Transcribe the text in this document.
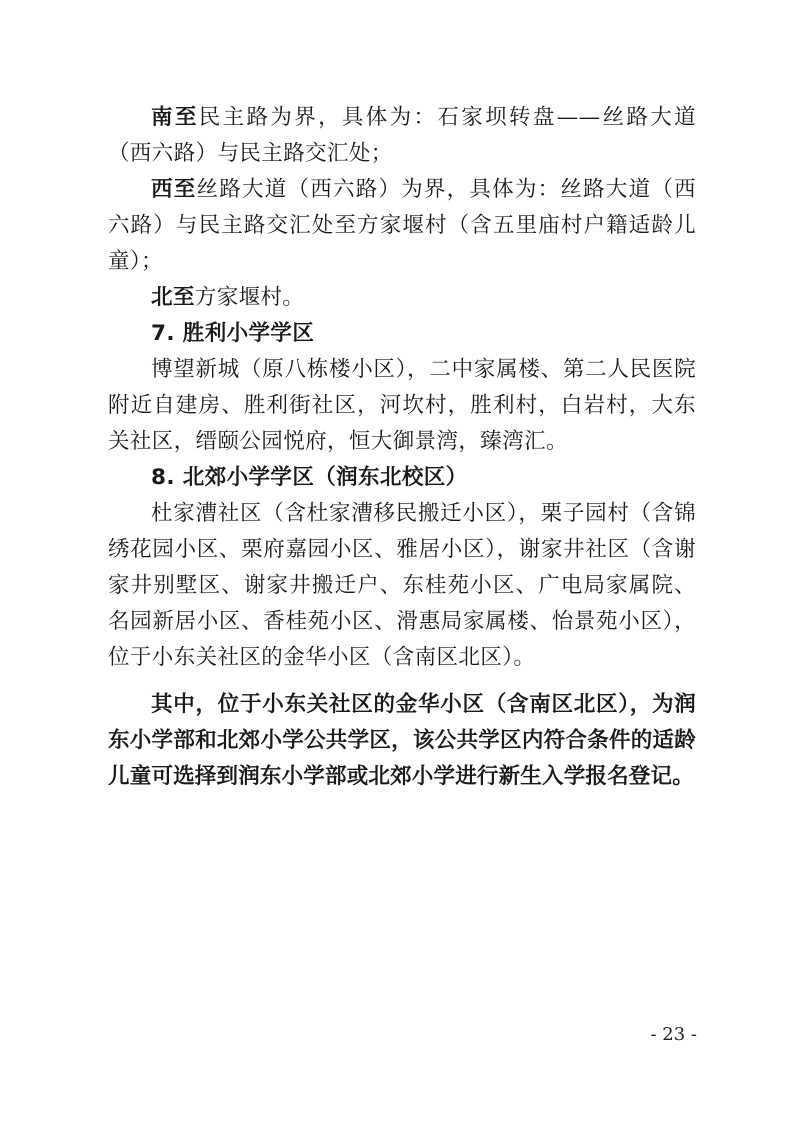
南至民主路为界，具体为：石家坝转盘——丝路大道（西六路）与民主路交汇处；

西至丝路大道（西六路）为界，具体为：丝路大道（西六路）与民主路交汇处至方家堰村（含五里庙村户籍适龄儿童）；

北至方家堰村。

7. 胜利小学学区

博望新城（原八栋楼小区），二中家属楼、第二人民医院附近自建房、胜利街社区，河坎村，胜利村，白岩村，大东关社区，缙颐公园悦府，恒大御景湾，臻湾汇。

8. 北郊小学学区（润东北校区）

杜家漕社区（含杜家漕移民搬迁小区），栗子园村（含锦绣花园小区、栗府嘉园小区、雅居小区），谢家井社区（含谢家井别墅区、谢家井搬迁户、东桂苑小区、广电局家属院、名园新居小区、香桂苑小区、滑惠局家属楼、怡景苑小区），位于小东关社区的金华小区（含南区北区）。

其中，位于小东关社区的金华小区（含南区北区），为润东小学部和北郊小学公共学区，该公共学区内符合条件的适龄儿童可选择到润东小学部或北郊小学进行新生入学报名登记。

- 23 -
